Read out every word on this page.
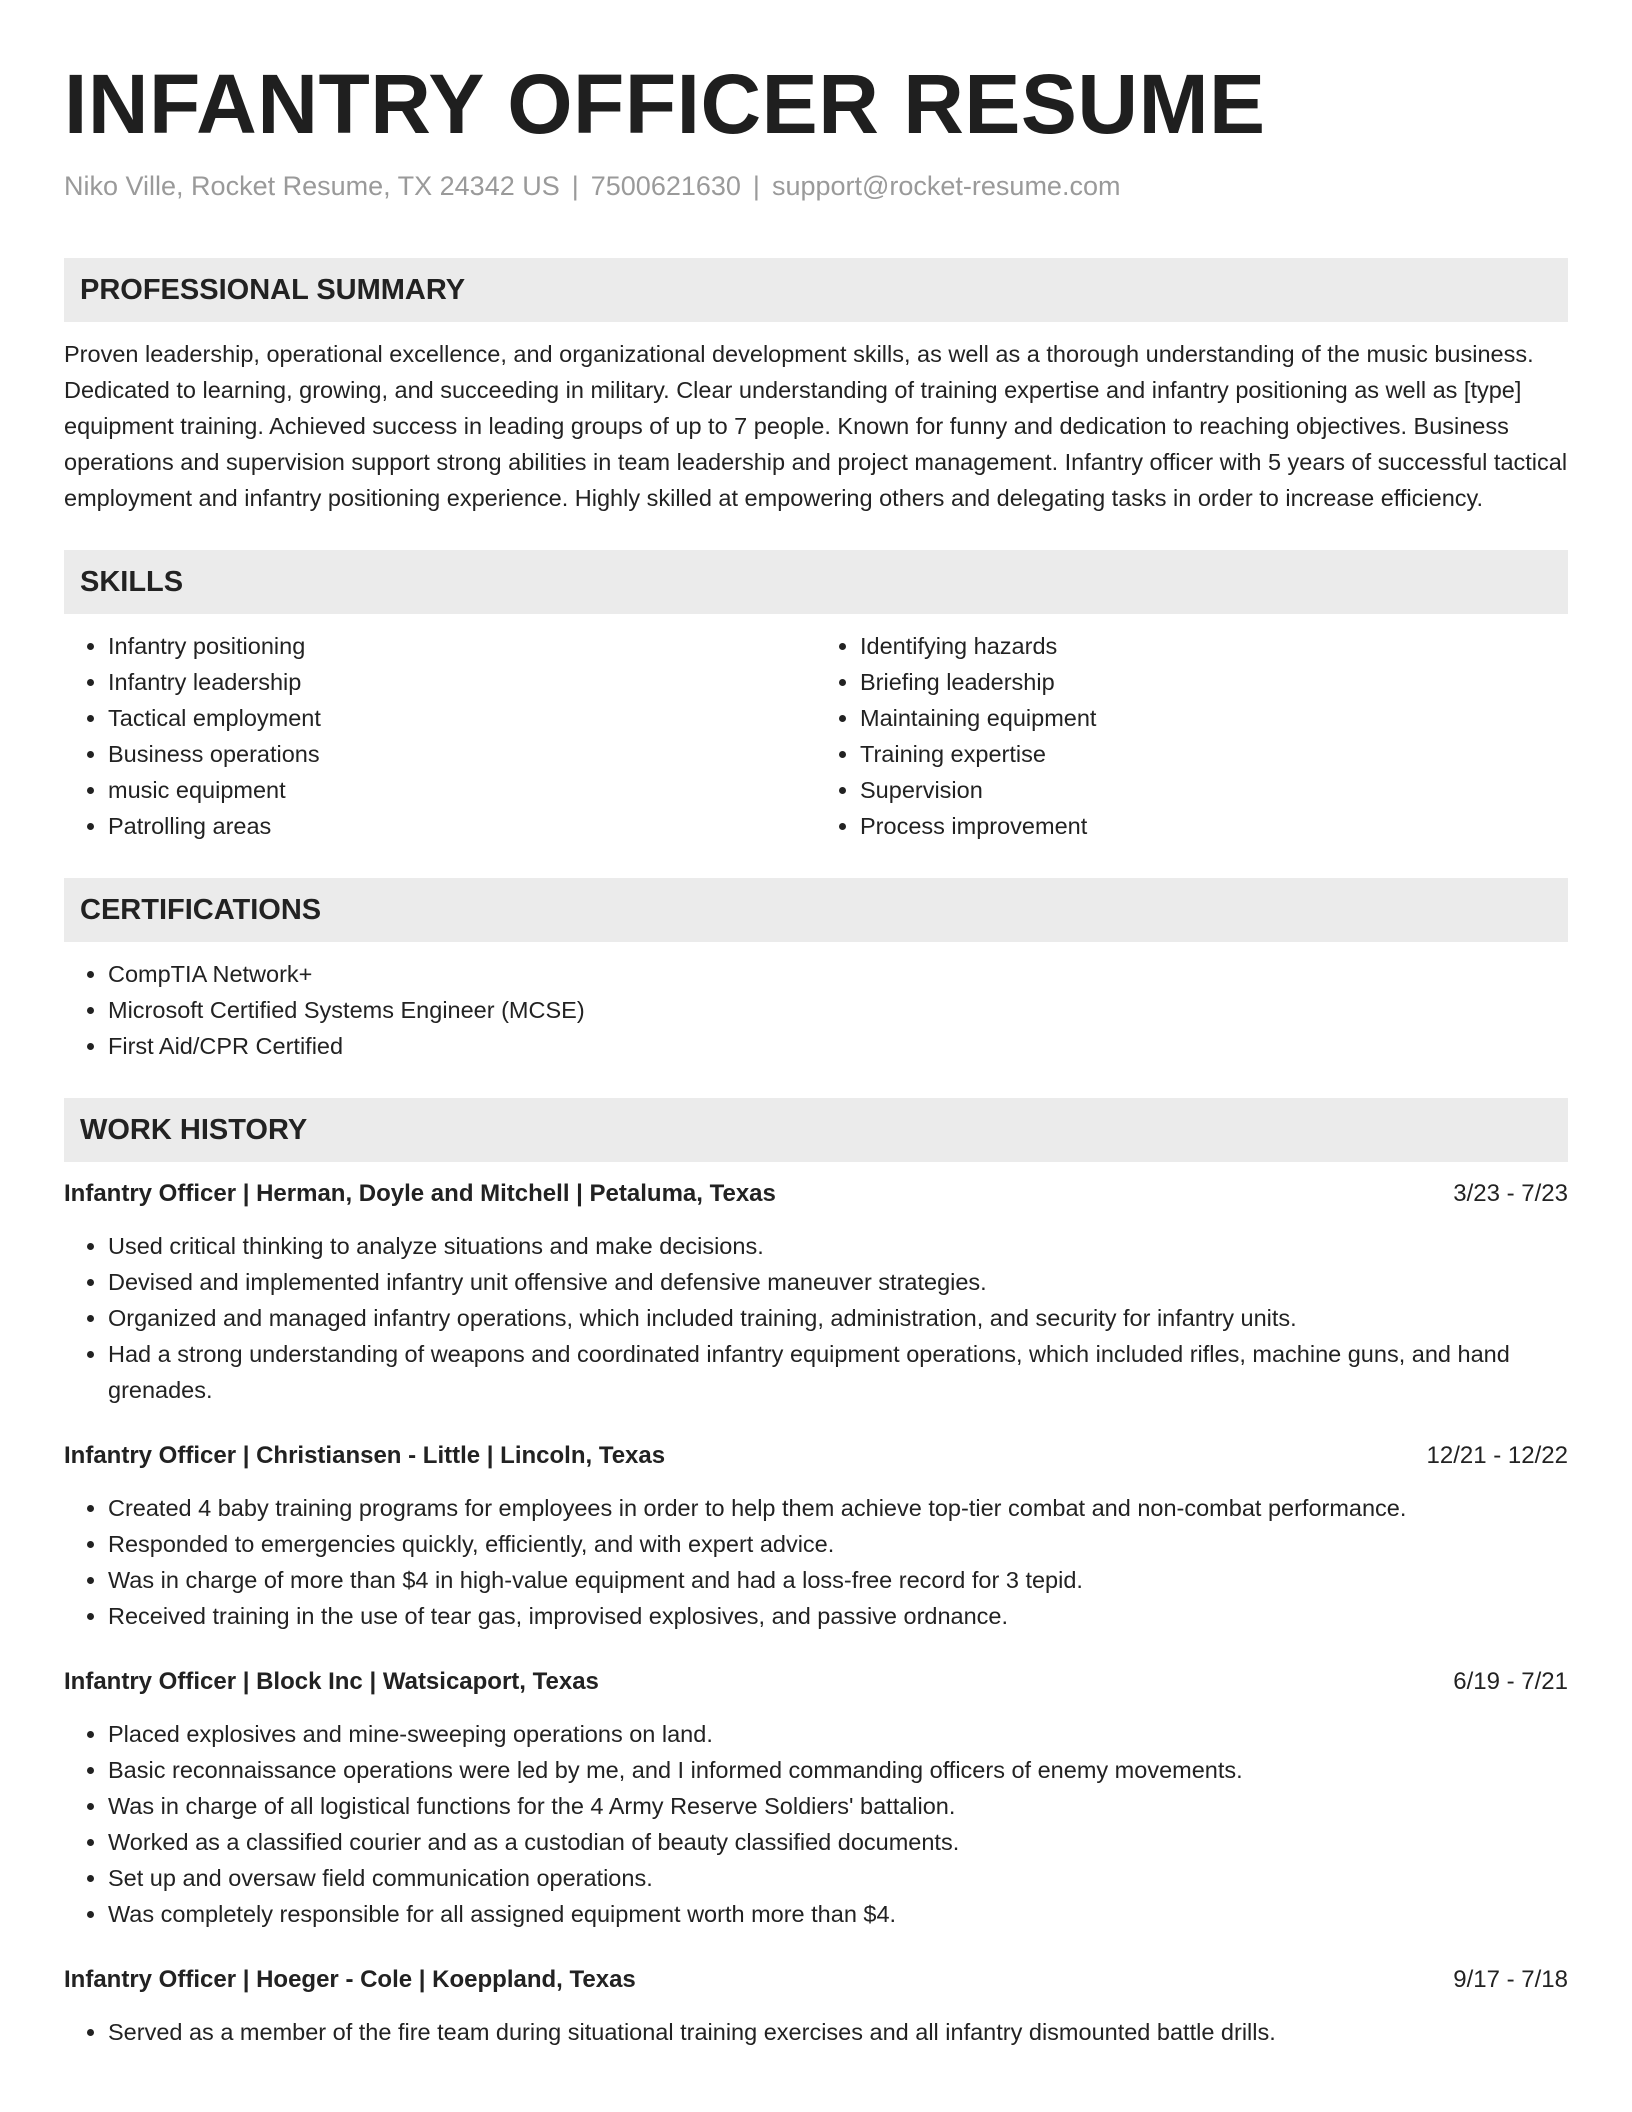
INFANTRY OFFICER RESUME
Niko Ville, Rocket Resume, TX 24342 US | 7500621630 | support@rocket-resume.com
PROFESSIONAL SUMMARY
Proven leadership, operational excellence, and organizational development skills, as well as a thorough understanding of the music business. Dedicated to learning, growing, and succeeding in military. Clear understanding of training expertise and infantry positioning as well as [type] equipment training. Achieved success in leading groups of up to 7 people. Known for funny and dedication to reaching objectives. Business operations and supervision support strong abilities in team leadership and project management. Infantry officer with 5 years of successful tactical employment and infantry positioning experience. Highly skilled at empowering others and delegating tasks in order to increase efficiency.
SKILLS
• Infantry positioning
• Infantry leadership
• Tactical employment
• Business operations
• music equipment
• Patrolling areas
• Identifying hazards
• Briefing leadership
• Maintaining equipment
• Training expertise
• Supervision
• Process improvement
CERTIFICATIONS
• CompTIA Network+
• Microsoft Certified Systems Engineer (MCSE)
• First Aid/CPR Certified
WORK HISTORY
Infantry Officer | Herman, Doyle and Mitchell | Petaluma, Texas	3/23 - 7/23
• Used critical thinking to analyze situations and make decisions.
• Devised and implemented infantry unit offensive and defensive maneuver strategies.
• Organized and managed infantry operations, which included training, administration, and security for infantry units.
• Had a strong understanding of weapons and coordinated infantry equipment operations, which included rifles, machine guns, and hand grenades.
Infantry Officer | Christiansen - Little | Lincoln, Texas	12/21 - 12/22
• Created 4 baby training programs for employees in order to help them achieve top-tier combat and non-combat performance.
• Responded to emergencies quickly, efficiently, and with expert advice.
• Was in charge of more than $4 in high-value equipment and had a loss-free record for 3 tepid.
• Received training in the use of tear gas, improvised explosives, and passive ordnance.
Infantry Officer | Block Inc | Watsicaport, Texas	6/19 - 7/21
• Placed explosives and mine-sweeping operations on land.
• Basic reconnaissance operations were led by me, and I informed commanding officers of enemy movements.
• Was in charge of all logistical functions for the 4 Army Reserve Soldiers' battalion.
• Worked as a classified courier and as a custodian of beauty classified documents.
• Set up and oversaw field communication operations.
• Was completely responsible for all assigned equipment worth more than $4.
Infantry Officer | Hoeger - Cole | Koeppland, Texas	9/17 - 7/18
• Served as a member of the fire team during situational training exercises and all infantry dismounted battle drills.
